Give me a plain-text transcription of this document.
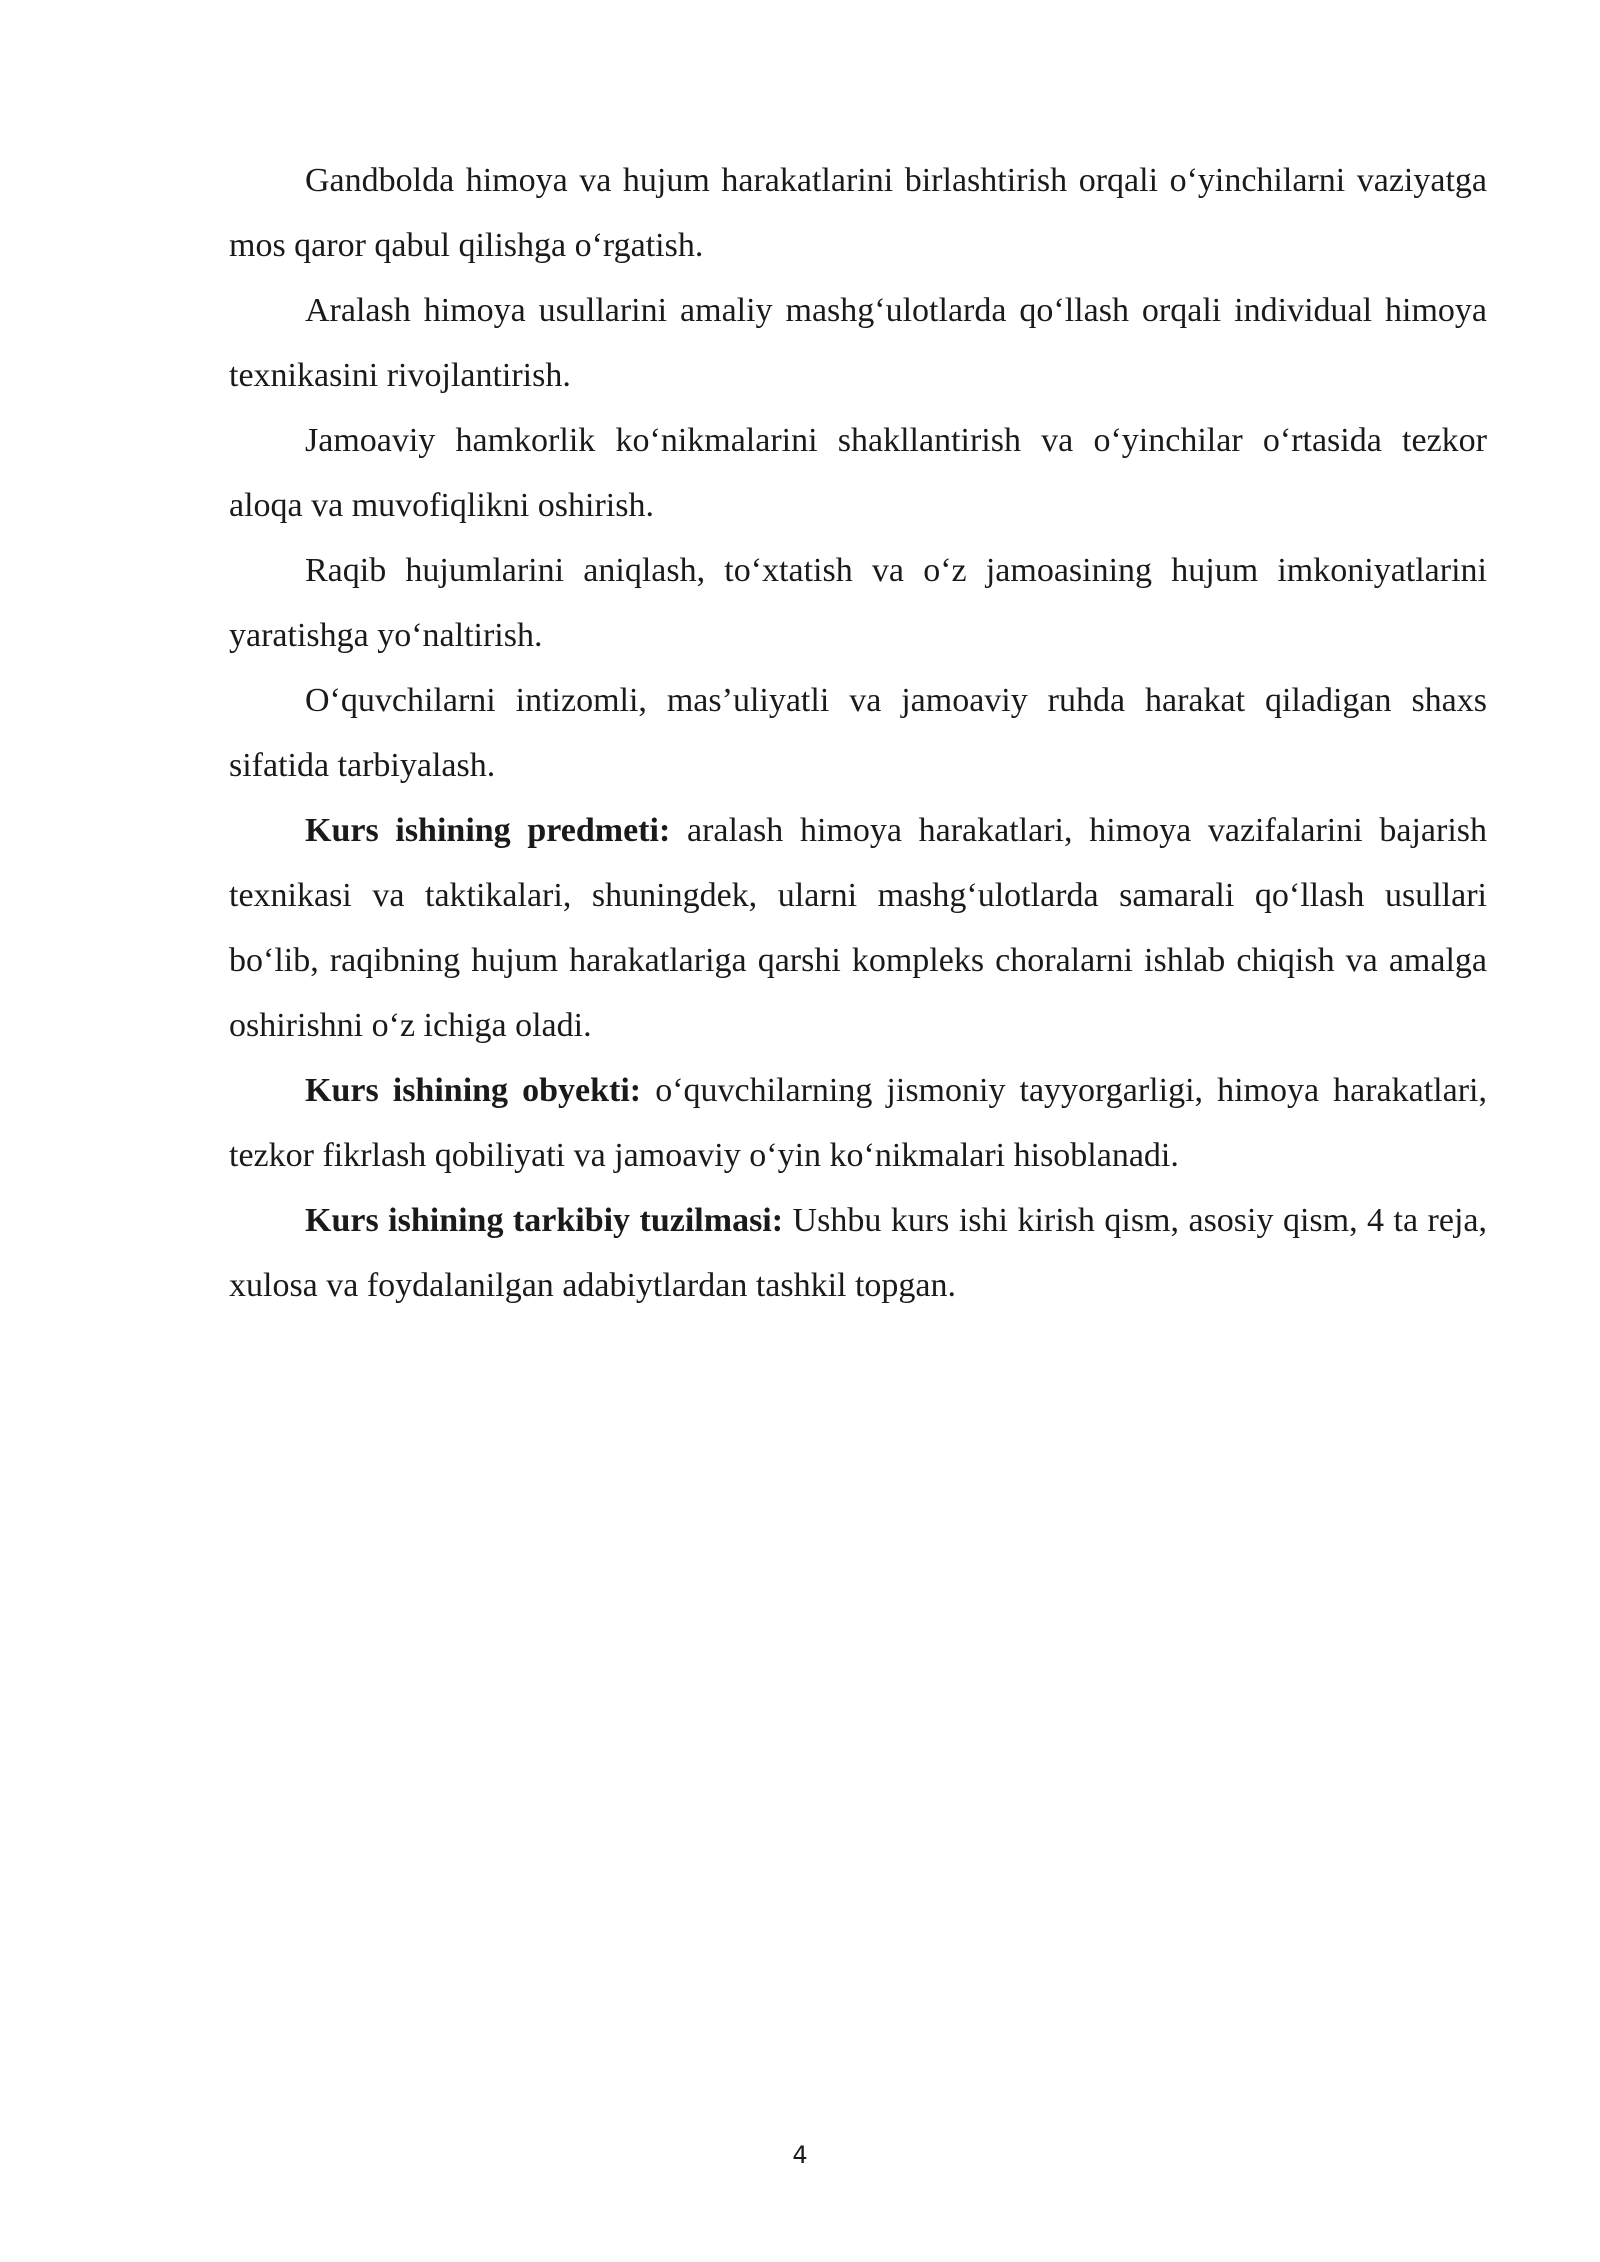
Gandbolda himoya va hujum harakatlarini birlashtirish orqali o‘yinchilarni vaziyatga mos qaror qabul qilishga o‘rgatish.

Aralash himoya usullarini amaliy mashg‘ulotlarda qo‘llash orqali individual himoya texnikasini rivojlantirish.

Jamoaviy hamkorlik ko‘nikmalarini shakllantirish va o‘yinchilar o‘rtasida tezkor aloqa va muvofiqlikni oshirish.

Raqib hujumlarini aniqlash, to‘xtatish va o‘z jamoasining hujum imkoniyatlarini yaratishga yo‘naltirish.

O‘quvchilarni intizomli, mas’uliyatli va jamoaviy ruhda harakat qiladigan shaxs sifatida tarbiyalash.

Kurs ishining predmeti: aralash himoya harakatlari, himoya vazifalarini bajarish texnikasi va taktikalari, shuningdek, ularni mashg‘ulotlarda samarali qo‘llash usullari bo‘lib, raqibning hujum harakatlariga qarshi kompleks choralarni ishlab chiqish va amalga oshirishni o‘z ichiga oladi.

Kurs ishining obyekti: o‘quvchilarning jismoniy tayyorgarligi, himoya harakatlari, tezkor fikrlash qobiliyati va jamoaviy o‘yin ko‘nikmalari hisoblanadi.

Kurs ishining tarkibiy tuzilmasi: Ushbu kurs ishi kirish qism, asosiy qism, 4 ta reja, xulosa va foydalanilgan adabiytlardan tashkil topgan.

4
